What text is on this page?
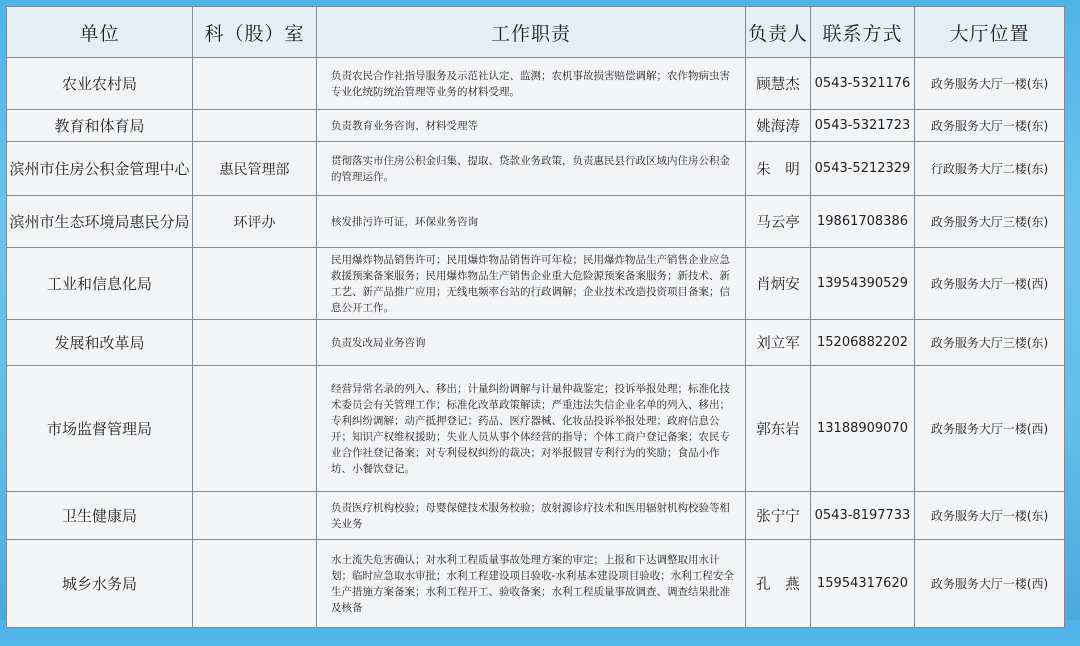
单位	科（股）室	工作职责	负责人	联系方式	大厅位置
农业农村局		负责农民合作社指导服务及示范社认定、监测；农机事故损害赔偿调解；农作物病虫害专业化统防统治管理等业务的材料受理。	顾慧杰	0543-5321176	政务服务大厅一楼(东)
教育和体育局		负责教育业务咨询、材料受理等	姚海涛	0543-5321723	政务服务大厅一楼(东)
滨州市住房公积金管理中心	惠民管理部	贯彻落实市住房公积金归集、提取、贷款业务政策，负责惠民县行政区域内住房公积金的管理运作。	朱　明	0543-5212329	行政服务大厅二楼(东)
滨州市生态环境局惠民分局	环评办	核发排污许可证，环保业务咨询	马云亭	19861708386	政务服务大厅三楼(东)
工业和信息化局		民用爆炸物品销售许可；民用爆炸物品销售许可年检；民用爆炸物品生产销售企业应急救援预案备案服务；民用爆炸物品生产销售企业重大危险源预案备案服务；新技术、新工艺、新产品推广应用；无线电频率台站的行政调解；企业技术改造投资项目备案；信息公开工作。	肖炳安	13954390529	政务服务大厅一楼(西)
发展和改革局		负责发改局业务咨询	刘立军	15206882202	政务服务大厅三楼(东)
市场监督管理局		经营异常名录的列入、移出；计量纠纷调解与计量仲裁鉴定；投诉举报处理；标准化技术委员会有关管理工作；标准化改革政策解读；严重违法失信企业名单的列入、移出；专利纠纷调解；动产抵押登记；药品、医疗器械、化妆品投诉举报处理；政府信息公开；知识产权维权援助；失业人员从事个体经营的指导；个体工商户登记备案；农民专业合作社登记备案；对专利侵权纠纷的裁决；对举报假冒专利行为的奖励；食品小作坊、小餐饮登记。	郭东岩	13188909070	政务服务大厅一楼(西)
卫生健康局		负责医疗机构校验；母婴保健技术服务校验；放射源诊疗技术和医用辐射机构校验等相关业务	张宁宁	0543-8197733	政务服务大厅一楼(东)
城乡水务局		水土流失危害确认；对水利工程质量事故处理方案的审定；上报和下达调整取用水计划；临时应急取水审批；水利工程建设项目验收-水利基本建设项目验收；水利工程安全生产措施方案备案；水利工程开工、验收备案；水利工程质量事故调查、调查结果批准及核备	孔　燕	15954317620	政务服务大厅一楼(西)
